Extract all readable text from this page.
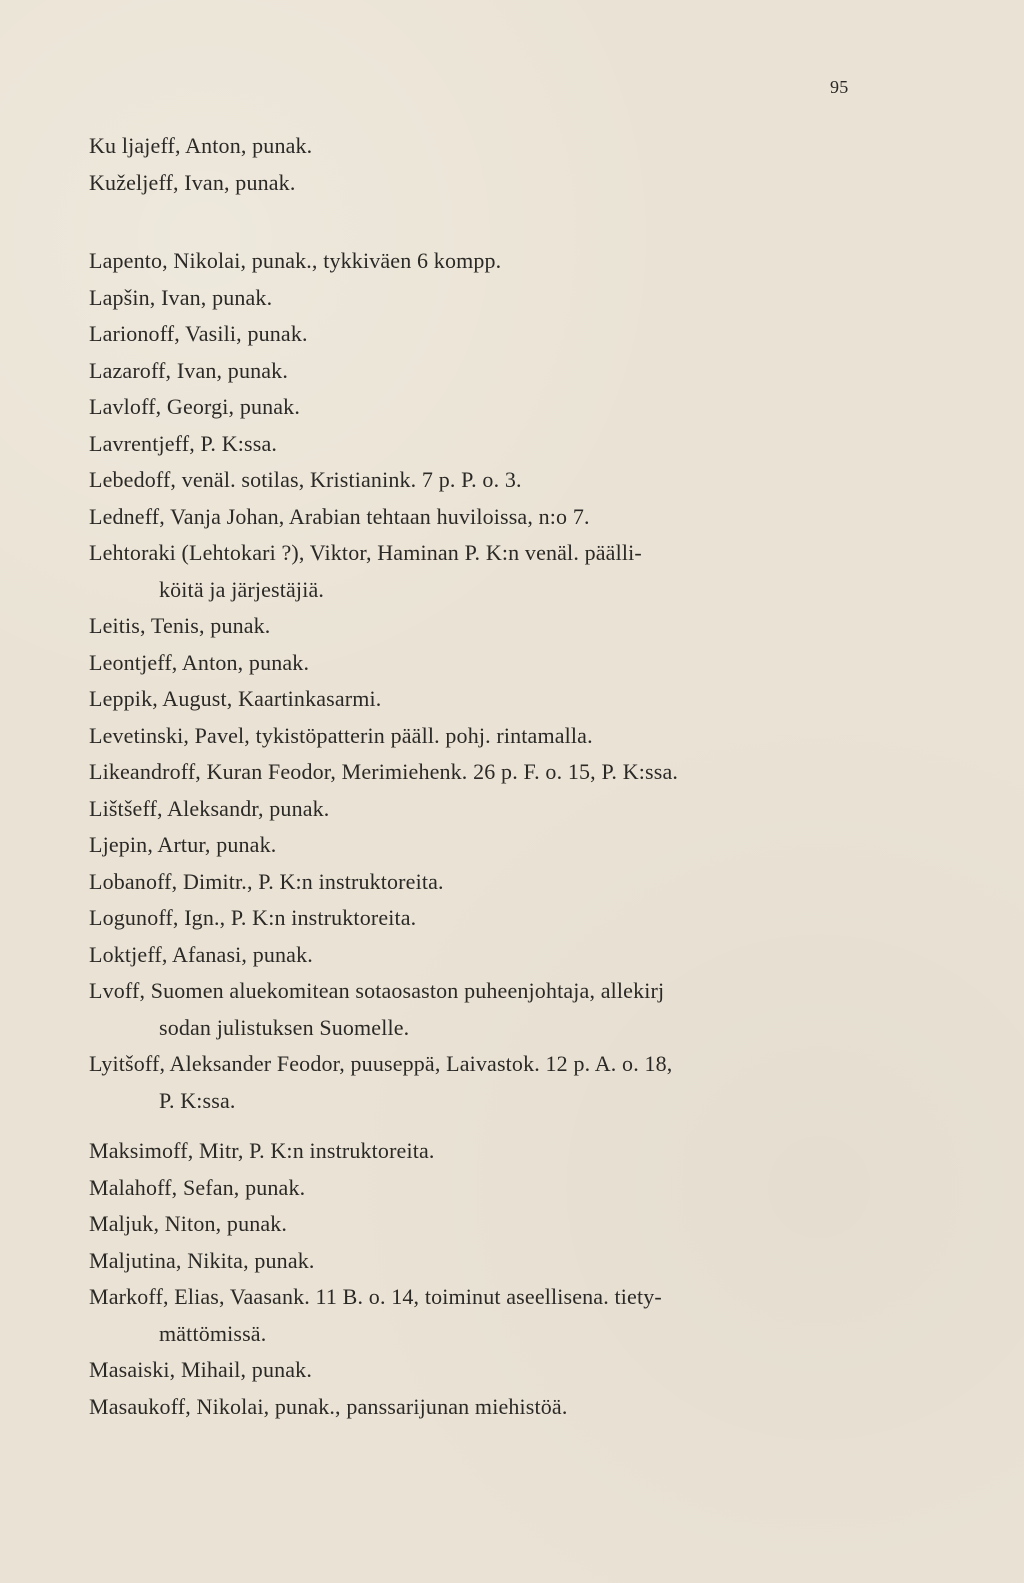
95
Ku ljajeff, Anton, punak.
Kuželjeff, Ivan, punak.
Lapento, Nikolai, punak., tykkiväen 6 kompp.
Lapšin, Ivan, punak.
Larionoff, Vasili, punak.
Lazaroff, Ivan, punak.
Lavloff, Georgi, punak.
Lavrentjeff, P. K:ssa.
Lebedoff, venäl. sotilas, Kristianink. 7 p. P. o. 3.
Ledneff, Vanja Johan, Arabian tehtaan huviloissa, n:o 7.
Lehtoraki (Lehtokari ?), Viktor, Haminan P. K:n venäl. päälli-
köitä ja järjestäjiä.
Leitis, Tenis, punak.
Leontjeff, Anton, punak.
Leppik, August, Kaartinkasarmi.
Levetinski, Pavel, tykistöpatterin pääll. pohj. rintamalla.
Likeandroff, Kuran Feodor, Merimiehenk. 26 p. F. o. 15, P. K:ssa.
Lištšeff, Aleksandr, punak.
Ljepin, Artur, punak.
Lobanoff, Dimitr., P. K:n instruktoreita.
Logunoff, Ign., P. K:n instruktoreita.
Loktjeff, Afanasi, punak.
Lvoff, Suomen aluekomitean sotaosaston puheenjohtaja, allekirj
sodan julistuksen Suomelle.
Lyitšoff, Aleksander Feodor, puuseppä, Laivastok. 12 p. A. o. 18,
P. K:ssa.
Maksimoff, Mitr, P. K:n instruktoreita.
Malahoff, Sefan, punak.
Maljuk, Niton, punak.
Maljutina, Nikita, punak.
Markoff, Elias, Vaasank. 11 B. o. 14, toiminut aseellisena. tiety-
mättömissä.
Masaiski, Mihail, punak.
Masaukoff, Nikolai, punak., panssarijunan miehistöä.
